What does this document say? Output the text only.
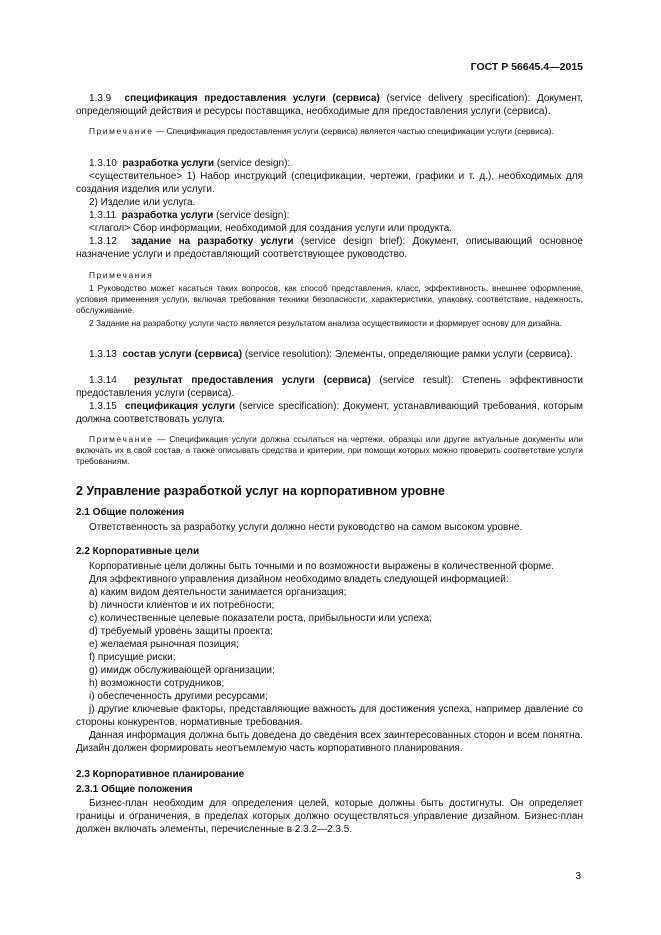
ГОСТ Р 56645.4—2015

1.3.9 спецификация предоставления услуги (сервиса) (service delivery specification): Документ, определяющий действия и ресурсы поставщика, необходимые для предоставления услуги (сервиса).

Примечание — Спецификация предоставления услуги (сервиса) является частью спецификации услуги (сервиса).

1.3.10 разработка услуги (service design):

<существительное> 1) Набор инструкций (спецификации, чертежи, графики и т. д.), необходимых для создания изделия или услуги.

2) Изделие или услуга.

1.3.11 разработка услуги (service design):

<глагол> Сбор информации, необходимой для создания услуги или продукта.

1.3.12 задание на разработку услуги (service design brief): Документ, описывающий основное назначение услуги и предоставляющий соответствующее руководство.

Примечания

1 Руководство может касаться таких вопросов, как способ представления, класс, эффективность, внешнее оформление, условия применения услуги, включая требования техники безопасности, характеристики, упаковку, соответствие, надежность, обслуживание.

2 Задание на разработку услуги часто является результатом анализа осуществимости и формирует основу для дизайна.

1.3.13 состав услуги (сервиса) (service resolution): Элементы, определяющие рамки услуги (сервиса).

1.3.14 результат предоставления услуги (сервиса) (service result): Степень эффективности предоставления услуги (сервиса).

1.3.15 спецификация услуги (service specification): Документ, устанавливающий требования, которым должна соответствовать услуга.

Примечание — Спецификация услуги должна ссылаться на чертежи, образцы или другие актуальные документы или включать их в свой состав, а также описывать средства и критерии, при помощи которых можно проверить соответствие услуги требованиям.

2 Управление разработкой услуг на корпоративном уровне
2.1 Общие положения

Ответственность за разработку услуги должно нести руководство на самом высоком уровне.

2.2 Корпоративные цели

Корпоративные цели должны быть точными и по возможности выражены в количественной форме.

Для эффективного управления дизайном необходимо владеть следующей информацией:

а) каким видом деятельности занимается организация;

b) личности клиентов и их потребности;

с) количественные целевые показатели роста, прибыльности или успеха;

d) требуемый уровень защиты проекта;

е) желаемая рыночная позиция;

f) присущие риски;

g) имидж обслуживающей организации;

h) возможности сотрудников;

i) обеспеченность другими ресурсами;

j) другие ключевые факторы, представляющие важность для достижения успеха, например давление со стороны конкурентов, нормативные требования.

Данная информация должна быть доведена до сведения всех заинтересованных сторон и всем понятна. Дизайн должен формировать неотъемлемую часть корпоративного планирования.

2.3 Корпоративное планирование
2.3.1 Общие положения

Бизнес-план необходим для определения целей, которые должны быть достигнуты. Он определяет границы и ограничения, в пределах которых должно осуществляться управление дизайном. Бизнес-план должен включать элементы, перечисленные в 2.3.2—2.3.5.

3
